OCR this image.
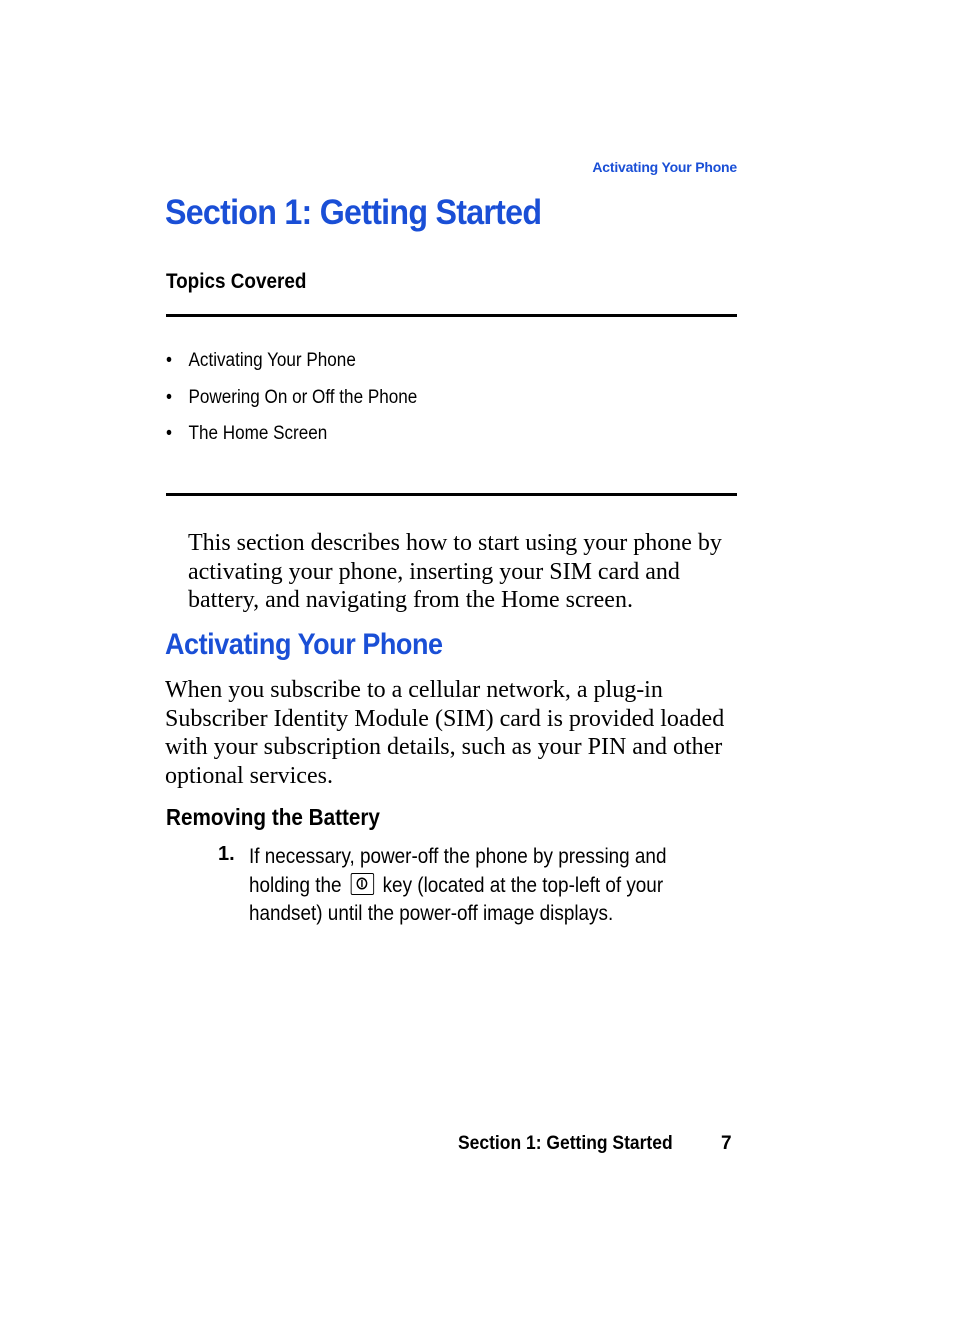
Activating Your Phone
Section 1: Getting Started
Topics Covered
• Activating Your Phone
• Powering On or Off the Phone
• The Home Screen

This section describes how to start using your phone by activating your phone, inserting your SIM card and battery, and navigating from the Home screen.

Activating Your Phone

When you subscribe to a cellular network, a plug-in Subscriber Identity Module (SIM) card is provided loaded with your subscription details, such as your PIN and other optional services.

Removing the Battery
1. If necessary, power-off the phone by pressing and holding the key (located at the top-left of your handset) until the power-off image displays.
Section 1: Getting Started	7
